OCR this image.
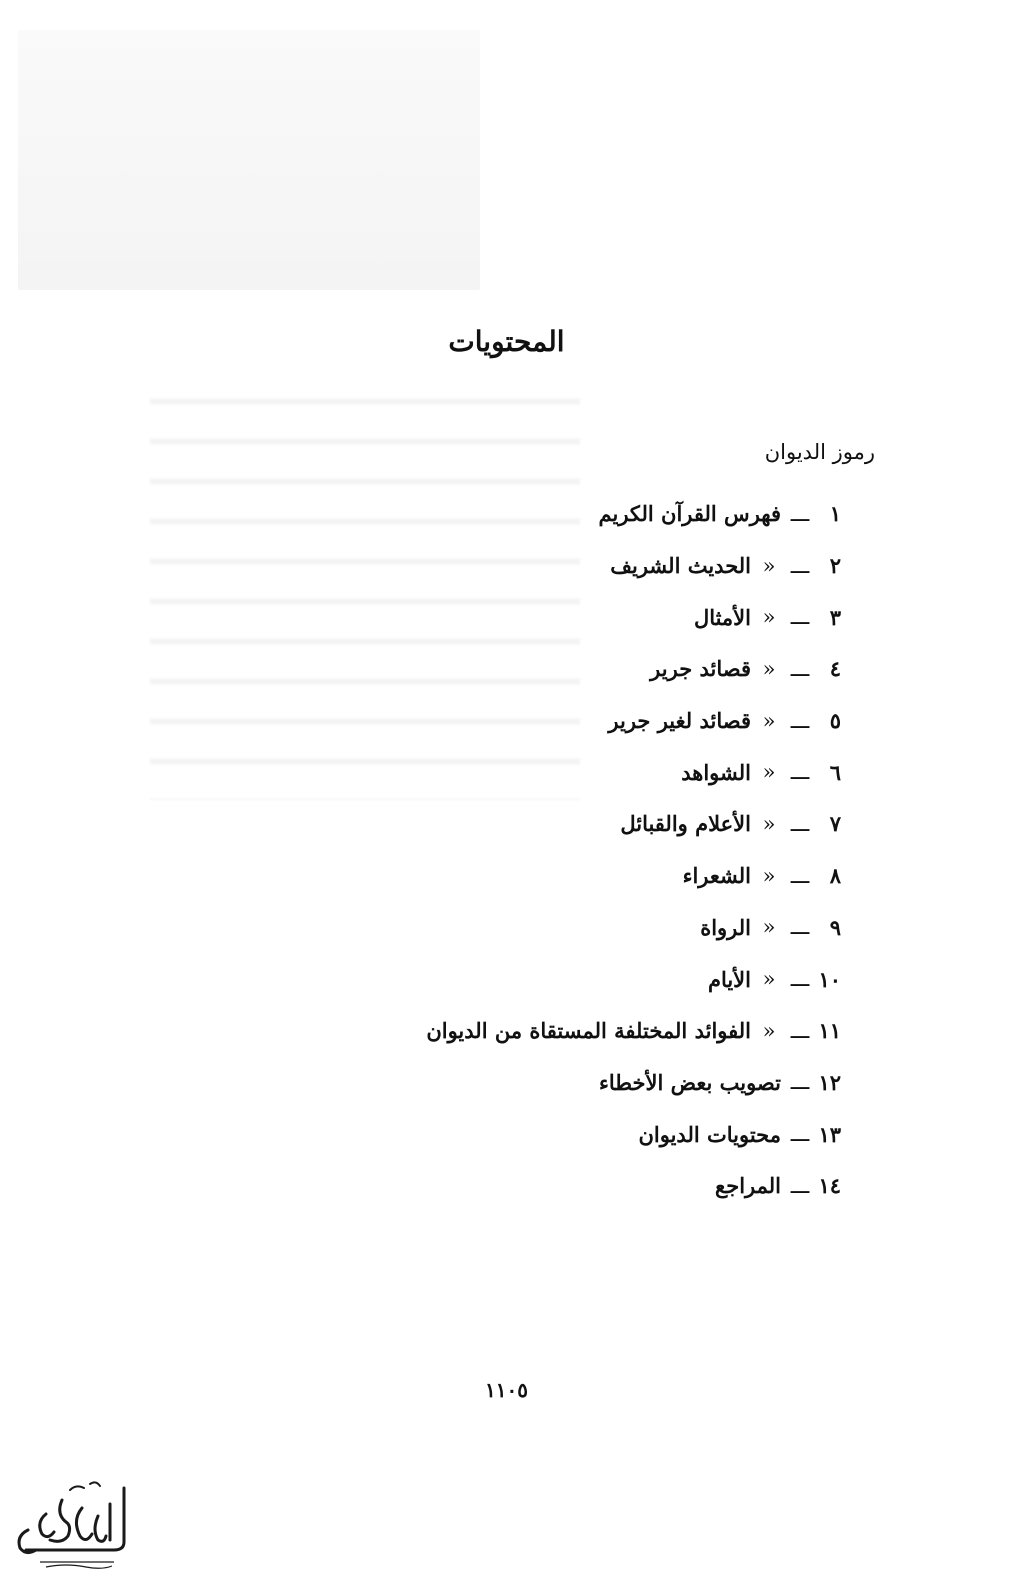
المحتويات
رموز الديوان
١
ـــ
فهرس القرآن الكريم
٢
ـــ
«
الحديث الشريف
٣
ـــ
«
الأمثال
٤
ـــ
«
قصائد جرير
٥
ـــ
«
قصائد لغير جرير
٦
ـــ
«
الشواهد
٧
ـــ
«
الأعلام والقبائل
٨
ـــ
«
الشعراء
٩
ـــ
«
الرواة
١٠
ـــ
«
الأيام
١١
ـــ
«
الفوائد المختلفة المستقاة من الديوان
١٢
ـــ
تصويب بعض الأخطاء
١٣
ـــ
محتويات الديوان
١٤
ـــ
المراجع
١١٠٥
